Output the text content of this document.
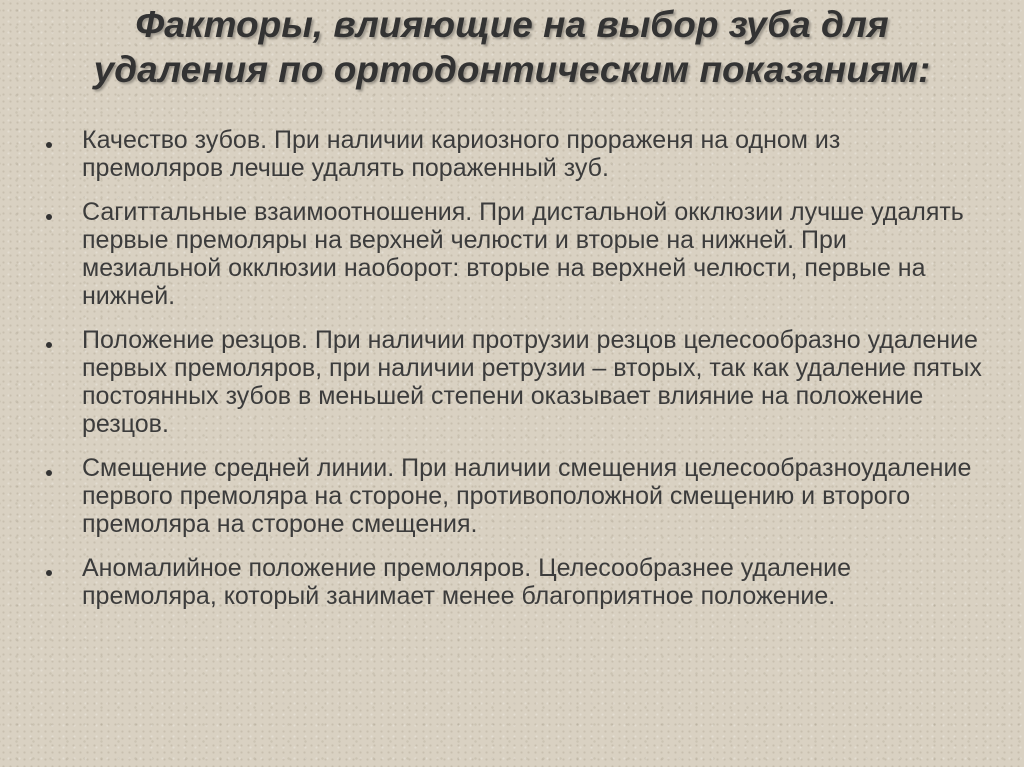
Факторы, влияющие на выбор зуба для удаления по ортодонтическим показаниям:
Качество зубов. При наличии кариозного прораженя на одном из премоляров лечше удалять пораженный зуб.
Сагиттальные взаимоотношения. При дистальной окклюзии лучше удалять первые премоляры на верхней челюсти и вторые на нижней. При мезиальной окклюзии наоборот: вторые на верхней челюсти, первые на нижней.
Положение резцов. При наличии протрузии резцов целесообразно удаление первых премоляров, при наличии ретрузии – вторых, так как удаление пятых постоянных зубов в меньшей степени оказывает влияние на положение резцов.
Смещение средней линии. При наличии смещения целесообразноудаление первого премоляра на стороне, противоположной смещению и второго премоляра на стороне смещения.
Аномалийное положение премоляров. Целесообразнее удаление премоляра, который занимает менее благоприятное положение.
